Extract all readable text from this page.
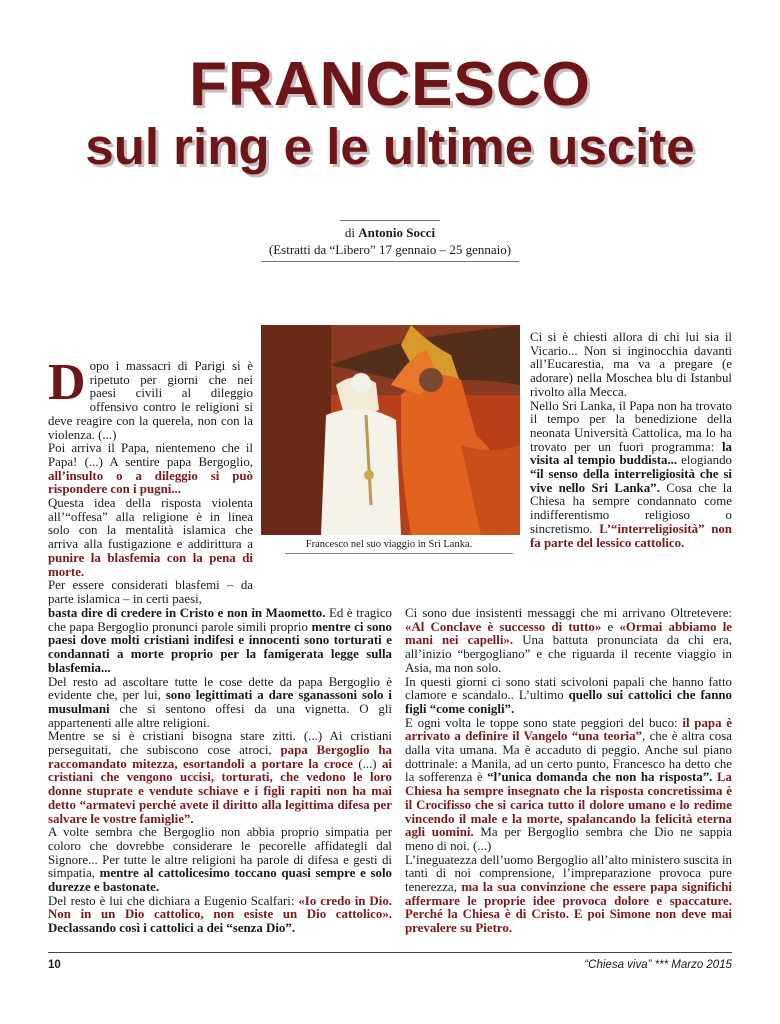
FRANCESCO
sul ring e le ultime uscite
di Antonio Socci
(Estratti da “Libero” 17 gennaio – 25 gennaio)
Francesco nel suo viaggio in Sri Lanka.

Dopo i massacri di Parigi si è ripetuto per giorni che nei paesi civili al dileggio offensivo contro le religioni si deve reagire con la querela, non con la violenza. (...)

Poi arriva il Papa, nientemeno che il Papa! (...) A sentire papa Bergoglio, all’insulto o a dileggio si può rispondere con i pugni...

Questa idea della risposta violenta all’“offesa” alla religione è in linea solo con la mentalità islamica che arriva alla fustigazione e addirittura a punire la blasfemia con la pena di morte.

Per essere considerati blasfemi – da parte islamica – in certi paesi,

basta dire di credere in Cristo e non in Maometto. Ed è tragico che papa Bergoglio pronunci parole simili proprio mentre ci sono paesi dove molti cristiani indifesi e innocenti sono torturati e condannati a morte proprio per la famigerata legge sulla blasfemia...

Del resto ad ascoltare tutte le cose dette da papa Bergoglio è evidente che, per lui, sono legittimati a dare sganassoni solo i musulmani che si sentono offesi da una vignetta. O gli appartenenti alle altre religioni.

Mentre se si è cristiani bisogna stare zitti. (...) Ai cristiani perseguitati, che subiscono cose atroci, papa Bergoglio ha raccomandato mitezza, esortandoli a portare la croce (...) ai cristiani che vengono uccisi, torturati, che vedono le loro donne stuprate e vendute schiave e i figli rapiti non ha mai detto “armatevi perché avete il diritto alla legittima difesa per salvare le vostre famiglie”.

A volte sembra che Bergoglio non abbia proprio simpatia per coloro che dovrebbe considerare le pecorelle affidategli dal Signore... Per tutte le altre religioni ha parole di difesa e gesti di simpatia, mentre al cattolicesimo toccano quasi sempre e solo durezze e bastonate.

Del resto è lui che dichiara a Eugenio Scalfari: «Io credo in Dio. Non in un Dio cattolico, non esiste un Dio cattolico». Declassando così i cattolici a dei “senza Dio”.

Ci si è chiesti allora di chi lui sia il Vicario... Non si inginocchia davanti all’Eucarestia, ma va a pregare (e adorare) nella Moschea blu di Istanbul rivolto alla Mecca.

Nello Sri Lanka, il Papa non ha trovato il tempo per la benedizione della neonata Università Cattolica, ma lo ha trovato per un fuori programma: la visita al tempio buddista... elogiando “il senso della interreligiosità che si vive nello Sri Lanka”. Cosa che la Chiesa ha sempre condannato come indifferentismo religioso o sincretismo. L’“interreligiosità” non fa parte del lessico cattolico.

Ci sono due insistenti messaggi che mi arrivano Oltretevere: «Al Conclave è successo di tutto» e «Ormai abbiamo le mani nei capelli». Una battuta pronunciata da chi era, all’inizio “bergogliano” e che riguarda il recente viaggio in Asia, ma non solo.

In questi giorni ci sono stati scivoloni papali che hanno fatto clamore e scandalo.. L’ultimo quello sui cattolici che fanno figli “come conigli”.

E ogni volta le toppe sono state peggiori del buco: il papa è arrivato a definire il Vangelo “una teoria”, che è altra cosa dalla vita umana. Ma è accaduto di peggio. Anche sul piano dottrinale: a Manila, ad un certo punto, Francesco ha detto che la sofferenza è “l’unica domanda che non ha risposta”. La Chiesa ha sempre insegnato che la risposta concretissima è il Crocifisso che si carica tutto il dolore umano e lo redime vincendo il male e la morte, spalancando la felicità eterna agli uomini. Ma per Bergoglio sembra che Dio ne sappia meno di noi. (...)

L’ineguatezza dell’uomo Bergoglio all’alto ministero suscita in tanti di noi comprensione, l’impreparazione provoca pure tenerezza, ma la sua convinzione che essere papa significhi affermare le proprie idee provoca dolore e spaccature. Perché la Chiesa è di Cristo. E poi Simone non deve mai prevalere su Pietro.

10	“Chiesa viva” *** Marzo 2015
